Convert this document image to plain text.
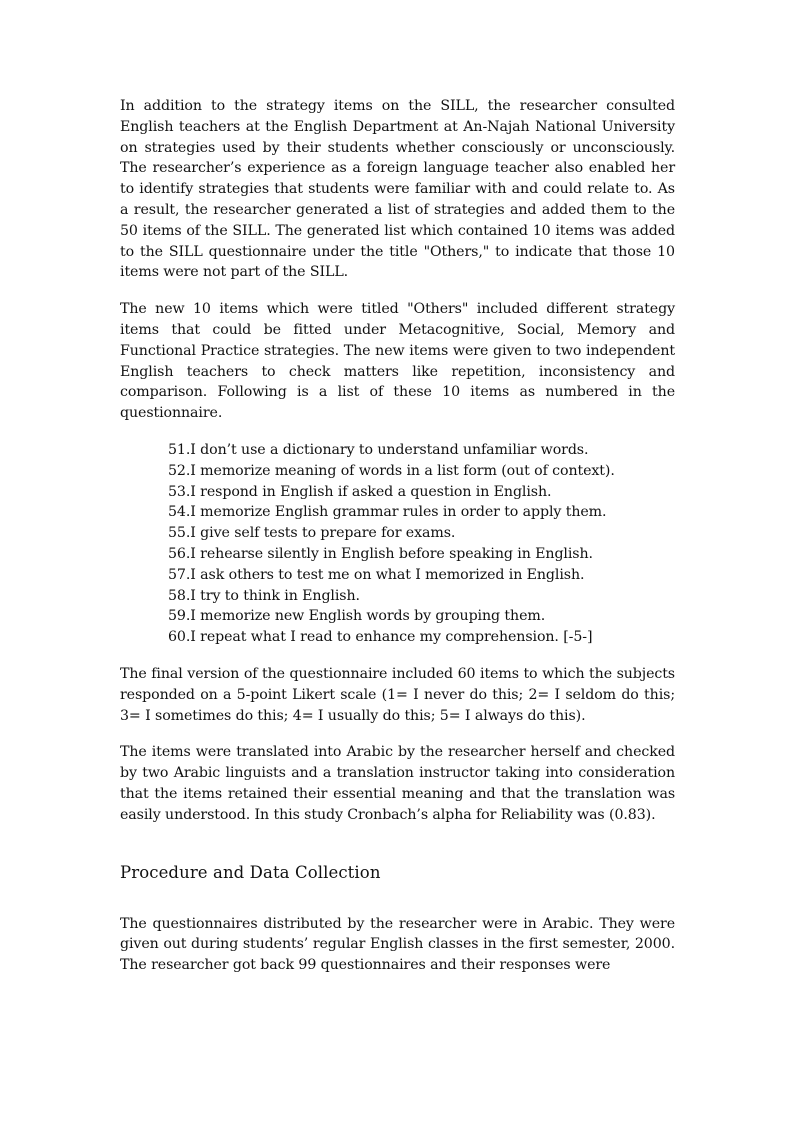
In addition to the strategy items on the SILL, the researcher consulted English teachers at the English Department at An-Najah National University on strategies used by their students whether consciously or unconsciously. The researcher’s experience as a foreign language teacher also enabled her to identify strategies that students were familiar with and could relate to. As a result, the researcher generated a list of strategies and added them to the 50 items of the SILL. The generated list which contained 10 items was added to the SILL questionnaire under the title "Others," to indicate that those 10 items were not part of the SILL.

The new 10 items which were titled "Others" included different strategy items that could be fitted under Metacognitive, Social, Memory and Functional Practice strategies. The new items were given to two independent English teachers to check matters like repetition, inconsistency and comparison. Following is a list of these 10 items as numbered in the questionnaire.

51.I don’t use a dictionary to understand unfamiliar words.
52.I memorize meaning of words in a list form (out of context).
53.I respond in English if asked a question in English.
54.I memorize English grammar rules in order to apply them.
55.I give self tests to prepare for exams.
56.I rehearse silently in English before speaking in English.
57.I ask others to test me on what I memorized in English.
58.I try to think in English.
59.I memorize new English words by grouping them.
60.I repeat what I read to enhance my comprehension. [-5-]

The final version of the questionnaire included 60 items to which the subjects responded on a 5-point Likert scale (1= I never do this; 2= I seldom do this; 3= I sometimes do this; 4= I usually do this; 5= I always do this).

The items were translated into Arabic by the researcher herself and checked by two Arabic linguists and a translation instructor taking into consideration that the items retained their essential meaning and that the translation was easily understood. In this study Cronbach’s alpha for Reliability was (0.83).

Procedure and Data Collection

The questionnaires distributed by the researcher were in Arabic. They were given out during students’ regular English classes in the first semester, 2000. The researcher got back 99 questionnaires and their responses were
